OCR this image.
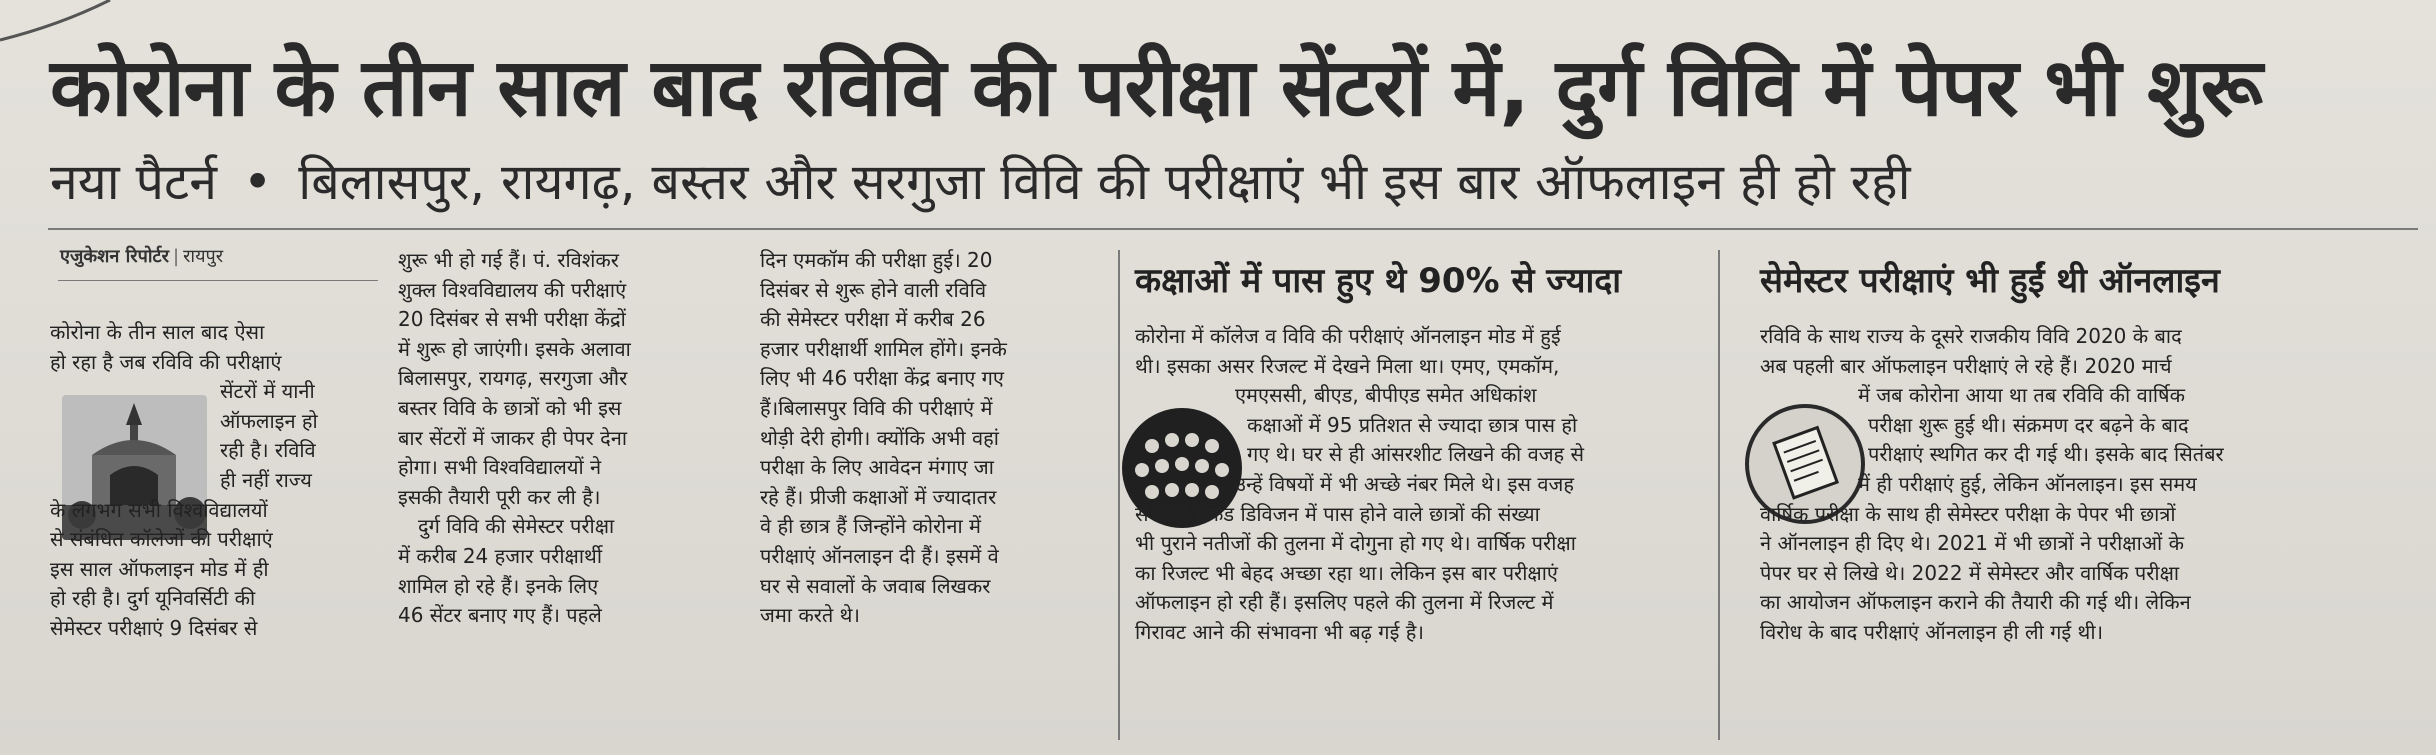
कोरोना के तीन साल बाद रविवि की परीक्षा सेंटरों में, दुर्ग विवि में पेपर भी शुरू
नया पैटर्न • बिलासपुर, रायगढ़, बस्तर और सरगुजा विवि की परीक्षाएं भी इस बार ऑफलाइन ही हो रही
एजुकेशन रिपोर्टर | रायपुर

कोरोना के तीन साल बाद ऐसा

हो रहा है जब रविवि की परीक्षाएं

सेंटरों में यानी

ऑफलाइन हो

रही है। रविवि

ही नहीं राज्य

के लगभग सभी विश्वविद्यालयों

से संबंधित कॉलेजों की परीक्षाएं

इस साल ऑफलाइन मोड में ही

हो रही है। दुर्ग यूनिवर्सिटी की

सेमेस्टर परीक्षाएं 9 दिसंबर से

शुरू भी हो गई हैं। पं. रविशंकर

शुक्ल विश्वविद्यालय की परीक्षाएं

20 दिसंबर से सभी परीक्षा केंद्रों

में शुरू हो जाएंगी। इसके अलावा

बिलासपुर, रायगढ़, सरगुजा और

बस्तर विवि के छात्रों को भी इस

बार सेंटरों में जाकर ही पेपर देना

होगा। सभी विश्वविद्यालयों ने

इसकी तैयारी पूरी कर ली है।

दुर्ग विवि की सेमेस्टर परीक्षा

में करीब 24 हजार परीक्षार्थी

शामिल हो रहे हैं। इनके लिए

46 सेंटर बनाए गए हैं। पहले

दिन एमकॉम की परीक्षा हुई। 20

दिसंबर से शुरू होने वाली रविवि

की सेमेस्टर परीक्षा में करीब 26

हजार परीक्षार्थी शामिल होंगे। इनके

लिए भी 46 परीक्षा केंद्र बनाए गए

हैं।बिलासपुर विवि की परीक्षाएं में

थोड़ी देरी होगी। क्योंकि अभी वहां

परीक्षा के लिए आवेदन मंगाए जा

रहे हैं। प्रीजी कक्षाओं में ज्यादातर

वे ही छात्र हैं जिन्होंने कोरोना में

परीक्षाएं ऑनलाइन दी हैं। इसमें वे

घर से सवालों के जवाब लिखकर

जमा करते थे।

कक्षाओं में पास हुए थे 90% से ज्यादा

कोरोना में कॉलेज व विवि की परीक्षाएं ऑनलाइन मोड में हुई

थी। इसका असर रिजल्ट में देखने मिला था। एमए, एमकॉम,

एमएससी, बीएड, बीपीएड समेत अधिकांश

कक्षाओं में 95 प्रतिशत से ज्यादा छात्र पास हो

गए थे। घर से ही आंसरशीट लिखने की वजह से

उन्हें विषयों में भी अच्छे नंबर मिले थे। इस वजह

से फर्स्ट सेकेंड डिविजन में पास होने वाले छात्रों की संख्या

भी पुराने नतीजों की तुलना में दोगुना हो गए थे। वार्षिक परीक्षा

का रिजल्ट भी बेहद अच्छा रहा था। लेकिन इस बार परीक्षाएं

ऑफलाइन हो रही हैं। इसलिए पहले की तुलना में रिजल्ट में

गिरावट आने की संभावना भी बढ़ गई है।

सेमेस्टर परीक्षाएं भी हुईं थी ऑनलाइन

रविवि के साथ राज्य के दूसरे राजकीय विवि 2020 के बाद

अब पहली बार ऑफलाइन परीक्षाएं ले रहे हैं। 2020 मार्च

में जब कोरोना आया था तब रविवि की वार्षिक

परीक्षा शुरू हुई थी। संक्रमण दर बढ़ने के बाद

परीक्षाएं स्थगित कर दी गई थी। इसके बाद सितंबर

में ही परीक्षाएं हुई, लेकिन ऑनलाइन। इस समय

वार्षिक परीक्षा के साथ ही सेमेस्टर परीक्षा के पेपर भी छात्रों

ने ऑनलाइन ही दिए थे। 2021 में भी छात्रों ने परीक्षाओं के

पेपर घर से लिखे थे। 2022 में सेमेस्टर और वार्षिक परीक्षा

का आयोजन ऑफलाइन कराने की तैयारी की गई थी। लेकिन

विरोध के बाद परीक्षाएं ऑनलाइन ही ली गई थी।
